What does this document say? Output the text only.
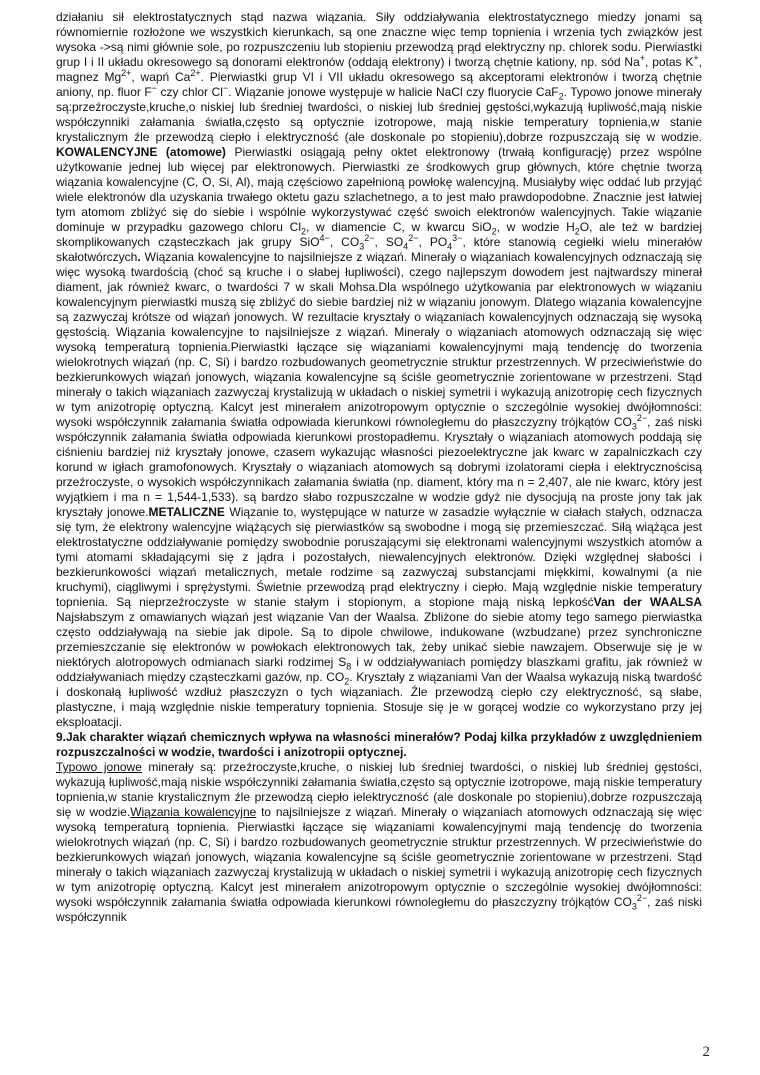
działaniu sił elektrostatycznych stąd nazwa wiązania. Siły oddziaływania elektrostatycznego miedzy jonami są równomiernie rozłożone we wszystkich kierunkach, są one znaczne więc temp topnienia i wrzenia tych związków jest wysoka ->są nimi głównie sole, po rozpuszczeniu lub stopieniu przewodzą prąd elektryczny np. chlorek sodu. Pierwiastki grup I i II układu okresowego są donorami elektronów (oddają elektrony) i tworzą chętnie kationy, np. sód Na+, potas K+, magnez $Mg^{2+}$, wapń $Ca^{2+}$. Pierwiastki grup VI i VII układu okresowego są akceptorami elektronów i tworzą chętnie aniony, np. fluor F− czy chlor Cl−. Wiązanie jonowe występuje w halicie NaCl czy fluorycie CaF$_2$. Typowo jonowe minerały są:przeźroczyste,kruche,o niskiej lub średniej twardości, o niskiej lub średniej gęstości,wykazują łupliwość,mają niskie współczynniki załamania światła,często są optycznie izotropowe, mają niskie temperatury topnienia,w stanie krystalicznym źle przewodzą ciepło i elektryczność (ale doskonale po stopieniu),dobrze rozpuszczają się w wodzie. KOWALENCYJNE (atomowe) Pierwiastki osiągają pełny oktet elektronowy (trwałą konfigurację) przez wspólne użytkowanie jednej lub więcej par elektronowych. Pierwiastki ze środkowych grup głównych, które chętnie tworzą wiązania kowalencyjne (C, O, Si, Al), mają częściowo zapełnioną powłokę walencyjną. Musiałyby więc oddać lub przyjąć wiele elektronów dla uzyskania trwałego oktetu gazu szlachetnego, a to jest mało prawdopodobne. Znacznie jest łatwiej tym atomom zbliżyć się do siebie i wspólnie wykorzystywać część swoich elektronów walencyjnych. Takie wiązanie dominuje w przypadku gazowego chloru $Cl_2$, w diamencie C, w kwarcu SiO$_2$, w wodzie $H_2O$, ale też w bardziej skomplikowanych cząsteczkach jak grupy SiO$^{4-}$, $CO_3^{2-}$, $SO_4^{2-}$, $PO_4^{3-}$, które stanowią cegiełki wielu minerałów skałotwórczych. Wiązania kowalencyjne to najsilniejsze z wiązań. Minerały o wiązaniach kowalencyjnych odznaczają się więc wysoką twardością (choć są kruche i o słabej łupliwości), czego najlepszym dowodem jest najtwardszy minerał diament, jak również kwarc, o twardości 7 w skali Mohsa.Dla wspólnego użytkowania par elektronowych w wiązaniu kowalencyjnym pierwiastki muszą się zbliżyć do siebie bardziej niż w wiązaniu jonowym. Dlatego wiązania kowalencyjne są zazwyczaj krótsze od wiązań jonowych. W rezultacie kryształy o wiązaniach kowalencyjnych odznaczają się wysoką gęstością. Wiązania kowalencyjne to najsilniejsze z wiązań. Minerały o wiązaniach atomowych odznaczają się więc wysoką temperaturą topnienia.Pierwiastki łączące się wiązaniami kowalencyjnymi mają tendencję do tworzenia wielokrotnych wiązań (np. C, Si) i bardzo rozbudowanych geometrycznie struktur przestrzennych. W przeciwieństwie do bezkierunkowych wiązań jonowych, wiązania kowalencyjne są ściśle geometrycznie zorientowane w przestrzeni. Stąd minerały o takich wiązaniach zazwyczaj krystalizują w układach o niskiej symetrii i wykazują anizotropię cech fizycznych w tym anizotropię optyczną. Kalcyt jest minerałem anizotropowym optycznie o szczególnie wysokiej dwójłomności: wysoki współczynnik załamania światła odpowiada kierunkowi równoległemu do płaszczyzny trójkątów $CO_3^{2-}$, zaś niski współczynnik załamania światła odpowiada kierunkowi prostopadłemu. Kryształy o wiązaniach atomowych poddają się ciśnieniu bardziej niż kryształy jonowe, czasem wykazując własności piezoelektryczne jak kwarc w zapalniczkach czy korund w igłach gramofonowych. Kryształy o wiązaniach atomowych są dobrymi izolatorami ciepła i elektrycznościsą przeźroczyste, o wysokich współczynnikach załamania światła (np. diament, który ma n = 2,407, ale nie kwarc, który jest wyjątkiem i ma n = 1,544-1,533). są bardzo słabo rozpuszczalne w wodzie gdyż nie dysocjują na proste jony tak jak kryształy jonowe.METALICZNE Wiązanie to, występujące w naturze w zasadzie wyłącznie w ciałach stałych, odznacza się tym, że elektrony walencyjne wiążących się pierwiastków są swobodne i mogą się przemieszczać. Siłą wiążąca jest elektrostatyczne oddziaływanie pomiędzy swobodnie poruszającymi się elektronami walencyjnymi wszystkich atomów a tymi atomami składającymi się z jądra i pozostałych, niewalencyjnych elektronów. Dzięki względnej słabości i bezkierunkowości wiązań metalicznych, metale rodzime są zazwyczaj substancjami miękkimi, kowalnymi (a nie kruchymi), ciągliwymi i sprężystymi. Świetnie przewodzą prąd elektryczny i ciepło. Mają względnie niskie temperatury topnienia. Są nieprzeźroczyste w stanie stałym i stopionym, a stopione mają niską lepkośćVan der WAALSA Najsłabszym z omawianych wiązań jest wiązanie Van der Waalsa. Zbliżone do siebie atomy tego samego pierwiastka często oddziaływają na siebie jak dipole. Są to dipole chwilowe, indukowane (wzbudzane) przez synchroniczne przemieszczanie się elektronów w powłokach elektronowych tak, żeby unikać siebie nawzajem. Obserwuje się je w niektórych alotropowych odmianach siarki rodzimej $S_8$ i w oddziaływaniach pomiędzy blaszkami grafitu, jak również w oddziaływaniach między cząsteczkami gazów, np. $CO_2$. Kryształy z wiązaniami Van der Waalsa wykazują niską twardość i doskonałą łupliwość wzdłuż płaszczyzn o tych wiązaniach. Źle przewodzą ciepło czy elektryczność, są słabe, plastyczne, i mają względnie niskie temperatury topnienia. Stosuje się je w gorącej wodzie co wykorzystano przy jej eksploatacji.

9.Jak charakter wiązań chemicznych wpływa na własności minerałów? Podaj kilka przykładów z uwzględnieniem rozpuszczalności w wodzie, twardości i anizotropii optycznej.

Typowo jonowe minerały są: przeźroczyste,kruche, o niskiej lub średniej twardości, o niskiej lub średniej gęstości, wykazują łupliwość,mają niskie współczynniki załamania światła,często są optycznie izotropowe, mają niskie temperatury topnienia,w stanie krystalicznym źle przewodzą ciepło ielektryczność (ale doskonale po stopieniu),dobrze rozpuszczają się w wodzie.Wiązania kowalencyjne to najsilniejsze z wiązań. Minerały o wiązaniach atomowych odznaczają się więc wysoką temperaturą topnienia. Pierwiastki łączące się wiązaniami kowalencyjnymi mają tendencję do tworzenia wielokrotnych wiązań (np. C, Si) i bardzo rozbudowanych geometrycznie struktur przestrzennych. W przeciwieństwie do bezkierunkowych wiązań jonowych, wiązania kowalencyjne są ściśle geometrycznie zorientowane w przestrzeni. Stąd minerały o takich wiązaniach zazwyczaj krystalizują w układach o niskiej symetrii i wykazują anizotropię cech fizycznych w tym anizotropię optyczną. Kalcyt jest minerałem anizotropowym optycznie o szczególnie wysokiej dwójłomności: wysoki współczynnik załamania światła odpowiada kierunkowi równoległemu do płaszczyzny trójkątów $CO_3^{2-}$, zaś niski współczynnik

2
